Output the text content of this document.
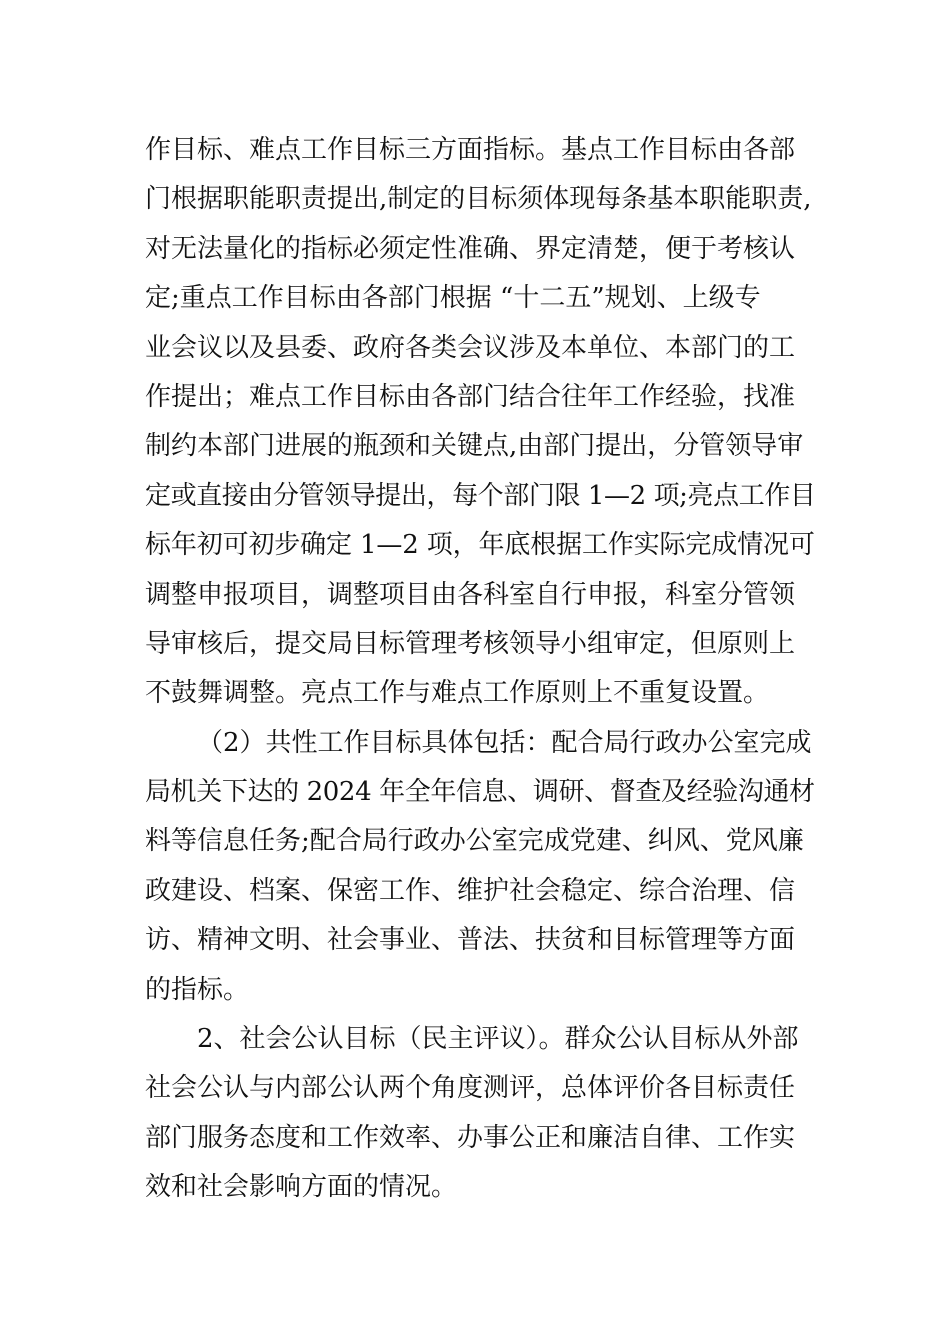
作目标、难点工作目标三方面指标。基点工作目标由各部
门根据职能职责提出,制定的目标须体现每条基本职能职责,
对无法量化的指标必须定性准确、界定清楚，便于考核认
定;重点工作目标由各部门根据 “十二五”规划、上级专
业会议以及县委、政府各类会议涉及本单位、本部门的工
作提出；难点工作目标由各部门结合往年工作经验，找准
制约本部门进展的瓶颈和关键点,由部门提出，分管领导审
定或直接由分管领导提出，每个部门限 1—2 项;亮点工作目
标年初可初步确定 1—2 项，年底根据工作实际完成情况可
调整申报项目，调整项目由各科室自行申报，科室分管领
导审核后，提交局目标管理考核领导小组审定，但原则上
不鼓舞调整。亮点工作与难点工作原则上不重复设置。
（2）共性工作目标具体包括：配合局行政办公室完成
局机关下达的 2024 年全年信息、调研、督查及经验沟通材
料等信息任务;配合局行政办公室完成党建、纠风、党风廉
政建设、档案、保密工作、维护社会稳定、综合治理、信
访、精神文明、社会事业、普法、扶贫和目标管理等方面
的指标。
2、社会公认目标（民主评议）。群众公认目标从外部
社会公认与内部公认两个角度测评，总体评价各目标责任
部门服务态度和工作效率、办事公正和廉洁自律、工作实
效和社会影响方面的情况。
